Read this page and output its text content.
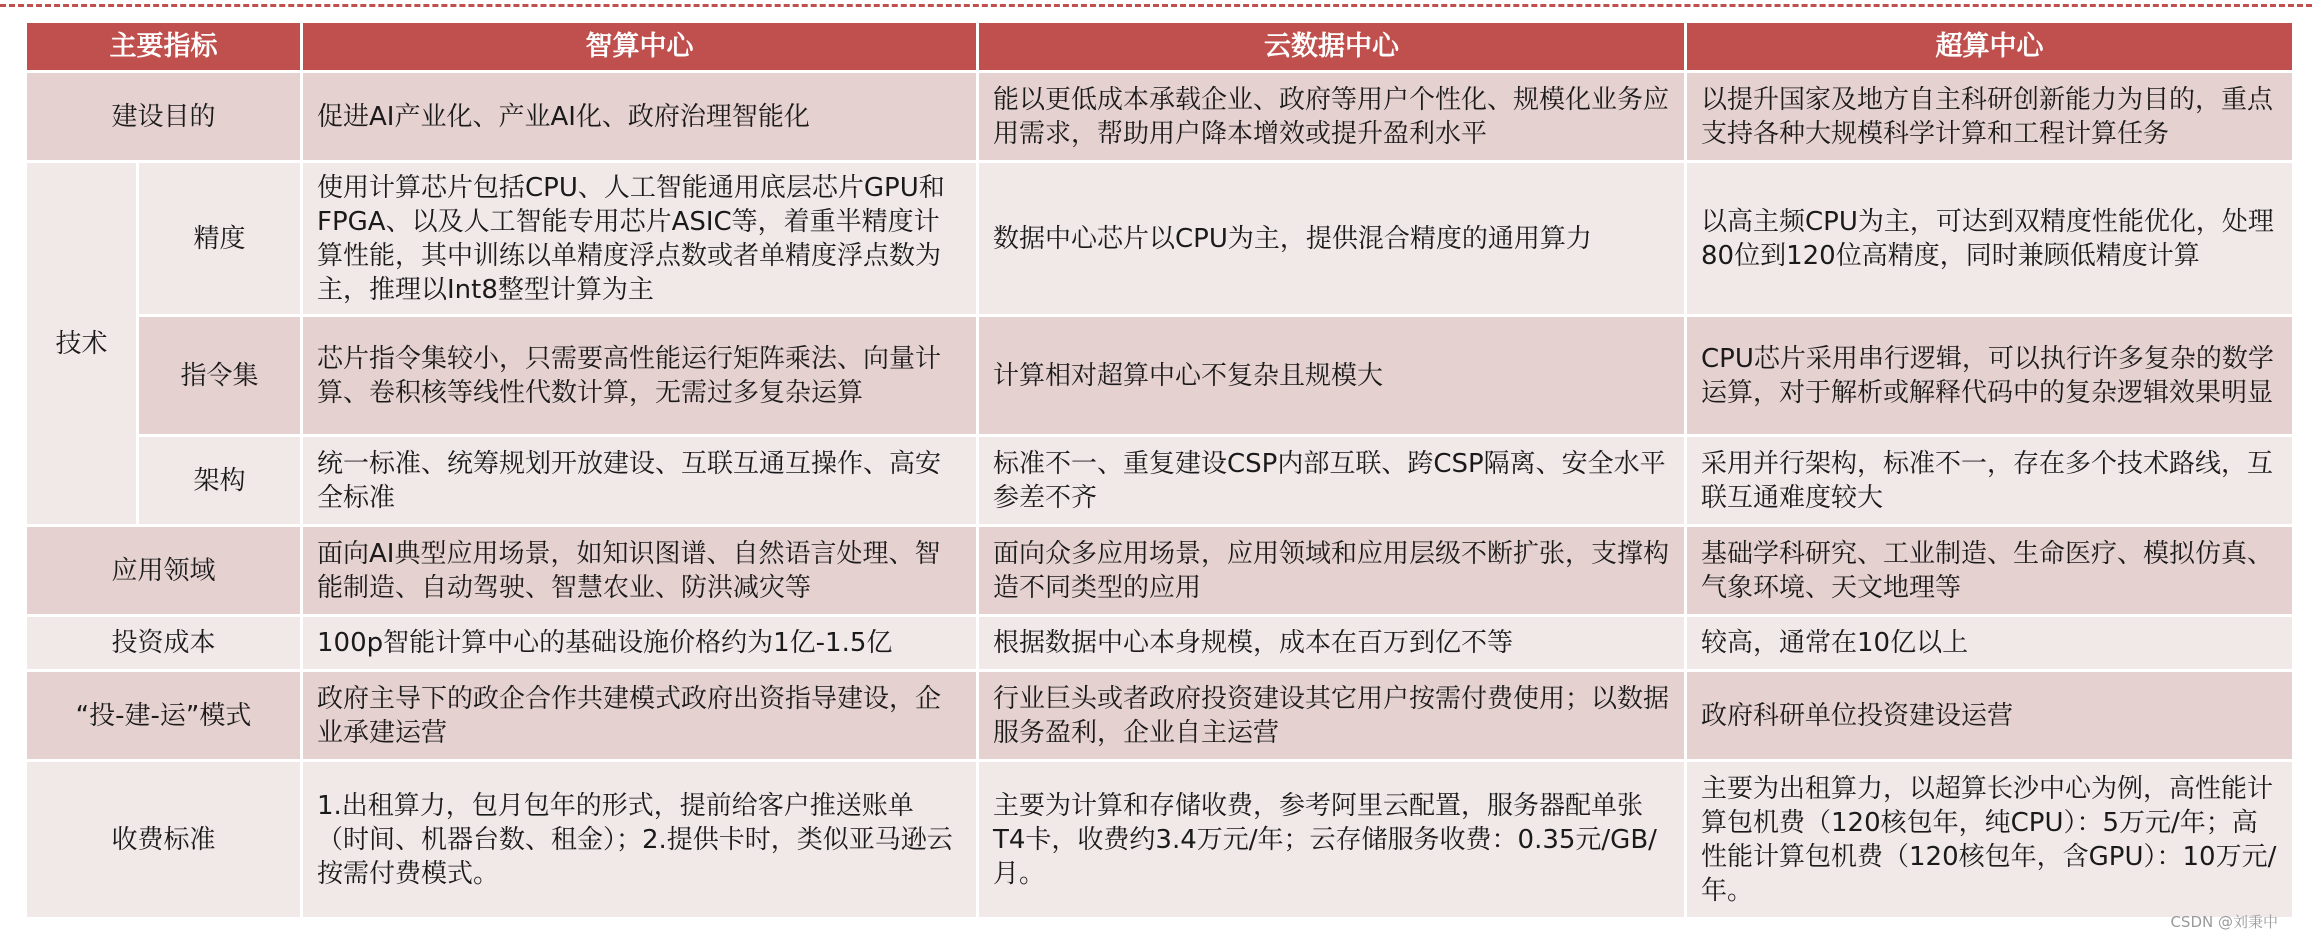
主要指标		智算中心	云数据中心	超算中心
建设目的		促进AI产业化、产业AI化、政府治理智能化	能以更低成本承载企业、政府等用户个性化、规模化业务应用需求，帮助用户降本增效或提升盈利水平	以提升国家及地方自主科研创新能力为目的，重点支持各种大规模科学计算和工程计算任务
技术	精度	使用计算芯片包括CPU、人工智能通用底层芯片GPU和FPGA、以及人工智能专用芯片ASIC等，着重半精度计算性能，其中训练以单精度浮点数或者单精度浮点数为主，推理以Int8整型计算为主	数据中心芯片以CPU为主，提供混合精度的通用算力	以高主频CPU为主，可达到双精度性能优化，处理80位到120位高精度，同时兼顾低精度计算
	指令集	芯片指令集较小，只需要高性能运行矩阵乘法、向量计算、卷积核等线性代数计算，无需过多复杂运算	计算相对超算中心不复杂且规模大	CPU芯片采用串行逻辑，可以执行许多复杂的数学运算，对于解析或解释代码中的复杂逻辑效果明显
	架构	统一标准、统筹规划开放建设、互联互通互操作、高安全标准	标准不一、重复建设CSP内部互联、跨CSP隔离、安全水平参差不齐	采用并行架构，标准不一，存在多个技术路线，互联互通难度较大
应用领域		面向AI典型应用场景，如知识图谱、自然语言处理、智能制造、自动驾驶、智慧农业、防洪减灾等	面向众多应用场景，应用领域和应用层级不断扩张，支撑构造不同类型的应用	基础学科研究、工业制造、生命医疗、模拟仿真、气象环境、天文地理等
投资成本		100p智能计算中心的基础设施价格约为1亿-1.5亿	根据数据中心本身规模，成本在百万到亿不等	较高，通常在10亿以上
“投-建-运”模式		政府主导下的政企合作共建模式政府出资指导建设，企业承建运营	行业巨头或者政府投资建设其它用户按需付费使用；以数据服务盈利，企业自主运营	政府科研单位投资建设运营
收费标准		1.出租算力，包月包年的形式，提前给客户推送账单（时间、机器台数、租金）；2.提供卡时，类似亚马逊云按需付费模式。	主要为计算和存储收费，参考阿里云配置，服务器配单张T4卡，收费约3.4万元/年；云存储服务收费：0.35元/GB/月。	主要为出租算力，以超算长沙中心为例，高性能计算包机费（120核包年，纯CPU）：5万元/年；高性能计算包机费（120核包年，含GPU）：10万元/年。
CSDN @刘秉中
